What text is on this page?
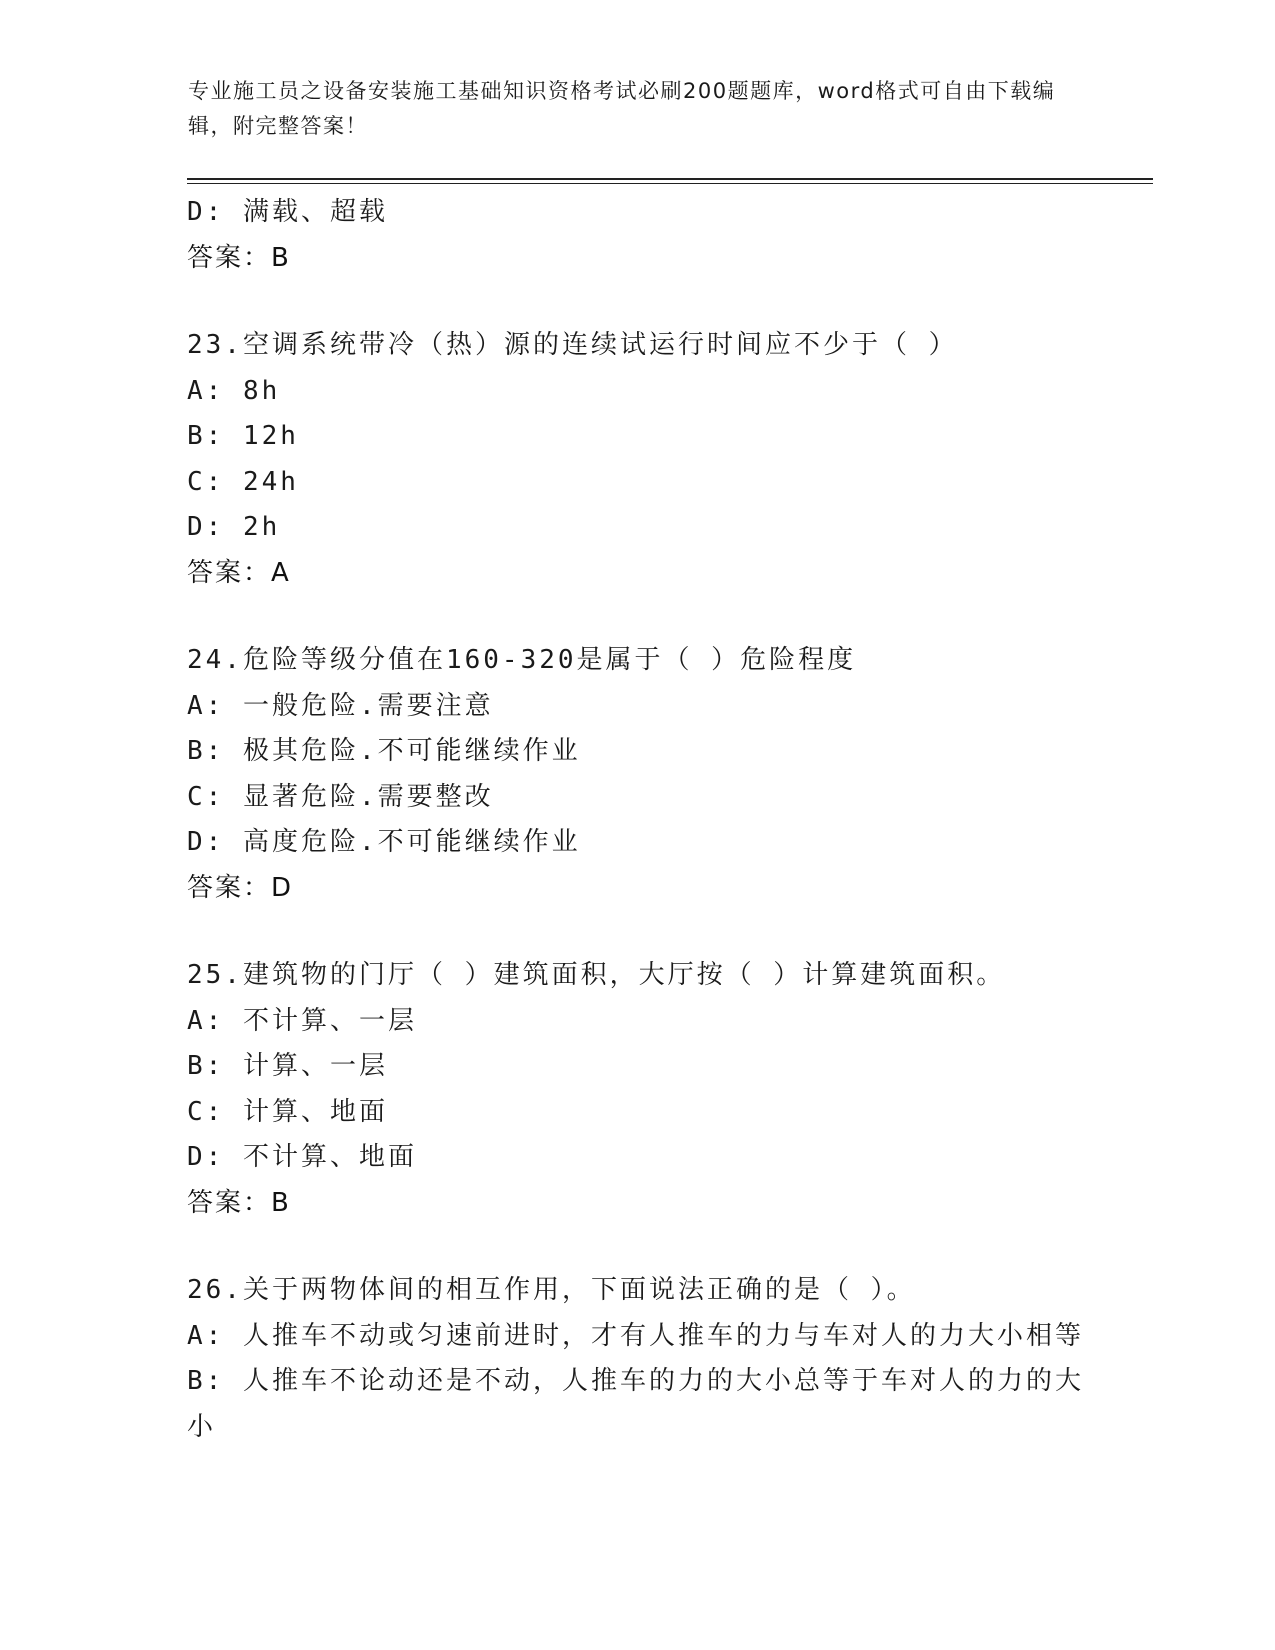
专业施工员之设备安装施工基础知识资格考试必刷200题题库，word格式可自由下载编辑，附完整答案！
D: 满载、超载
答案：B
23.空调系统带冷（热）源的连续试运行时间应不少于（ ）
A: 8h
B: 12h
C: 24h
D: 2h
答案：A
24.危险等级分值在160-320是属于（ ）危险程度
A: 一般危险.需要注意
B: 极其危险.不可能继续作业
C: 显著危险.需要整改
D: 高度危险.不可能继续作业
答案：D
25.建筑物的门厅（ ）建筑面积，大厅按（ ）计算建筑面积。
A: 不计算、一层
B: 计算、一层
C: 计算、地面
D: 不计算、地面
答案：B
26.关于两物体间的相互作用，下面说法正确的是（ ）。
A: 人推车不动或匀速前进时，才有人推车的力与车对人的力大小相等
B: 人推车不论动还是不动，人推车的力的大小总等于车对人的力的大小
